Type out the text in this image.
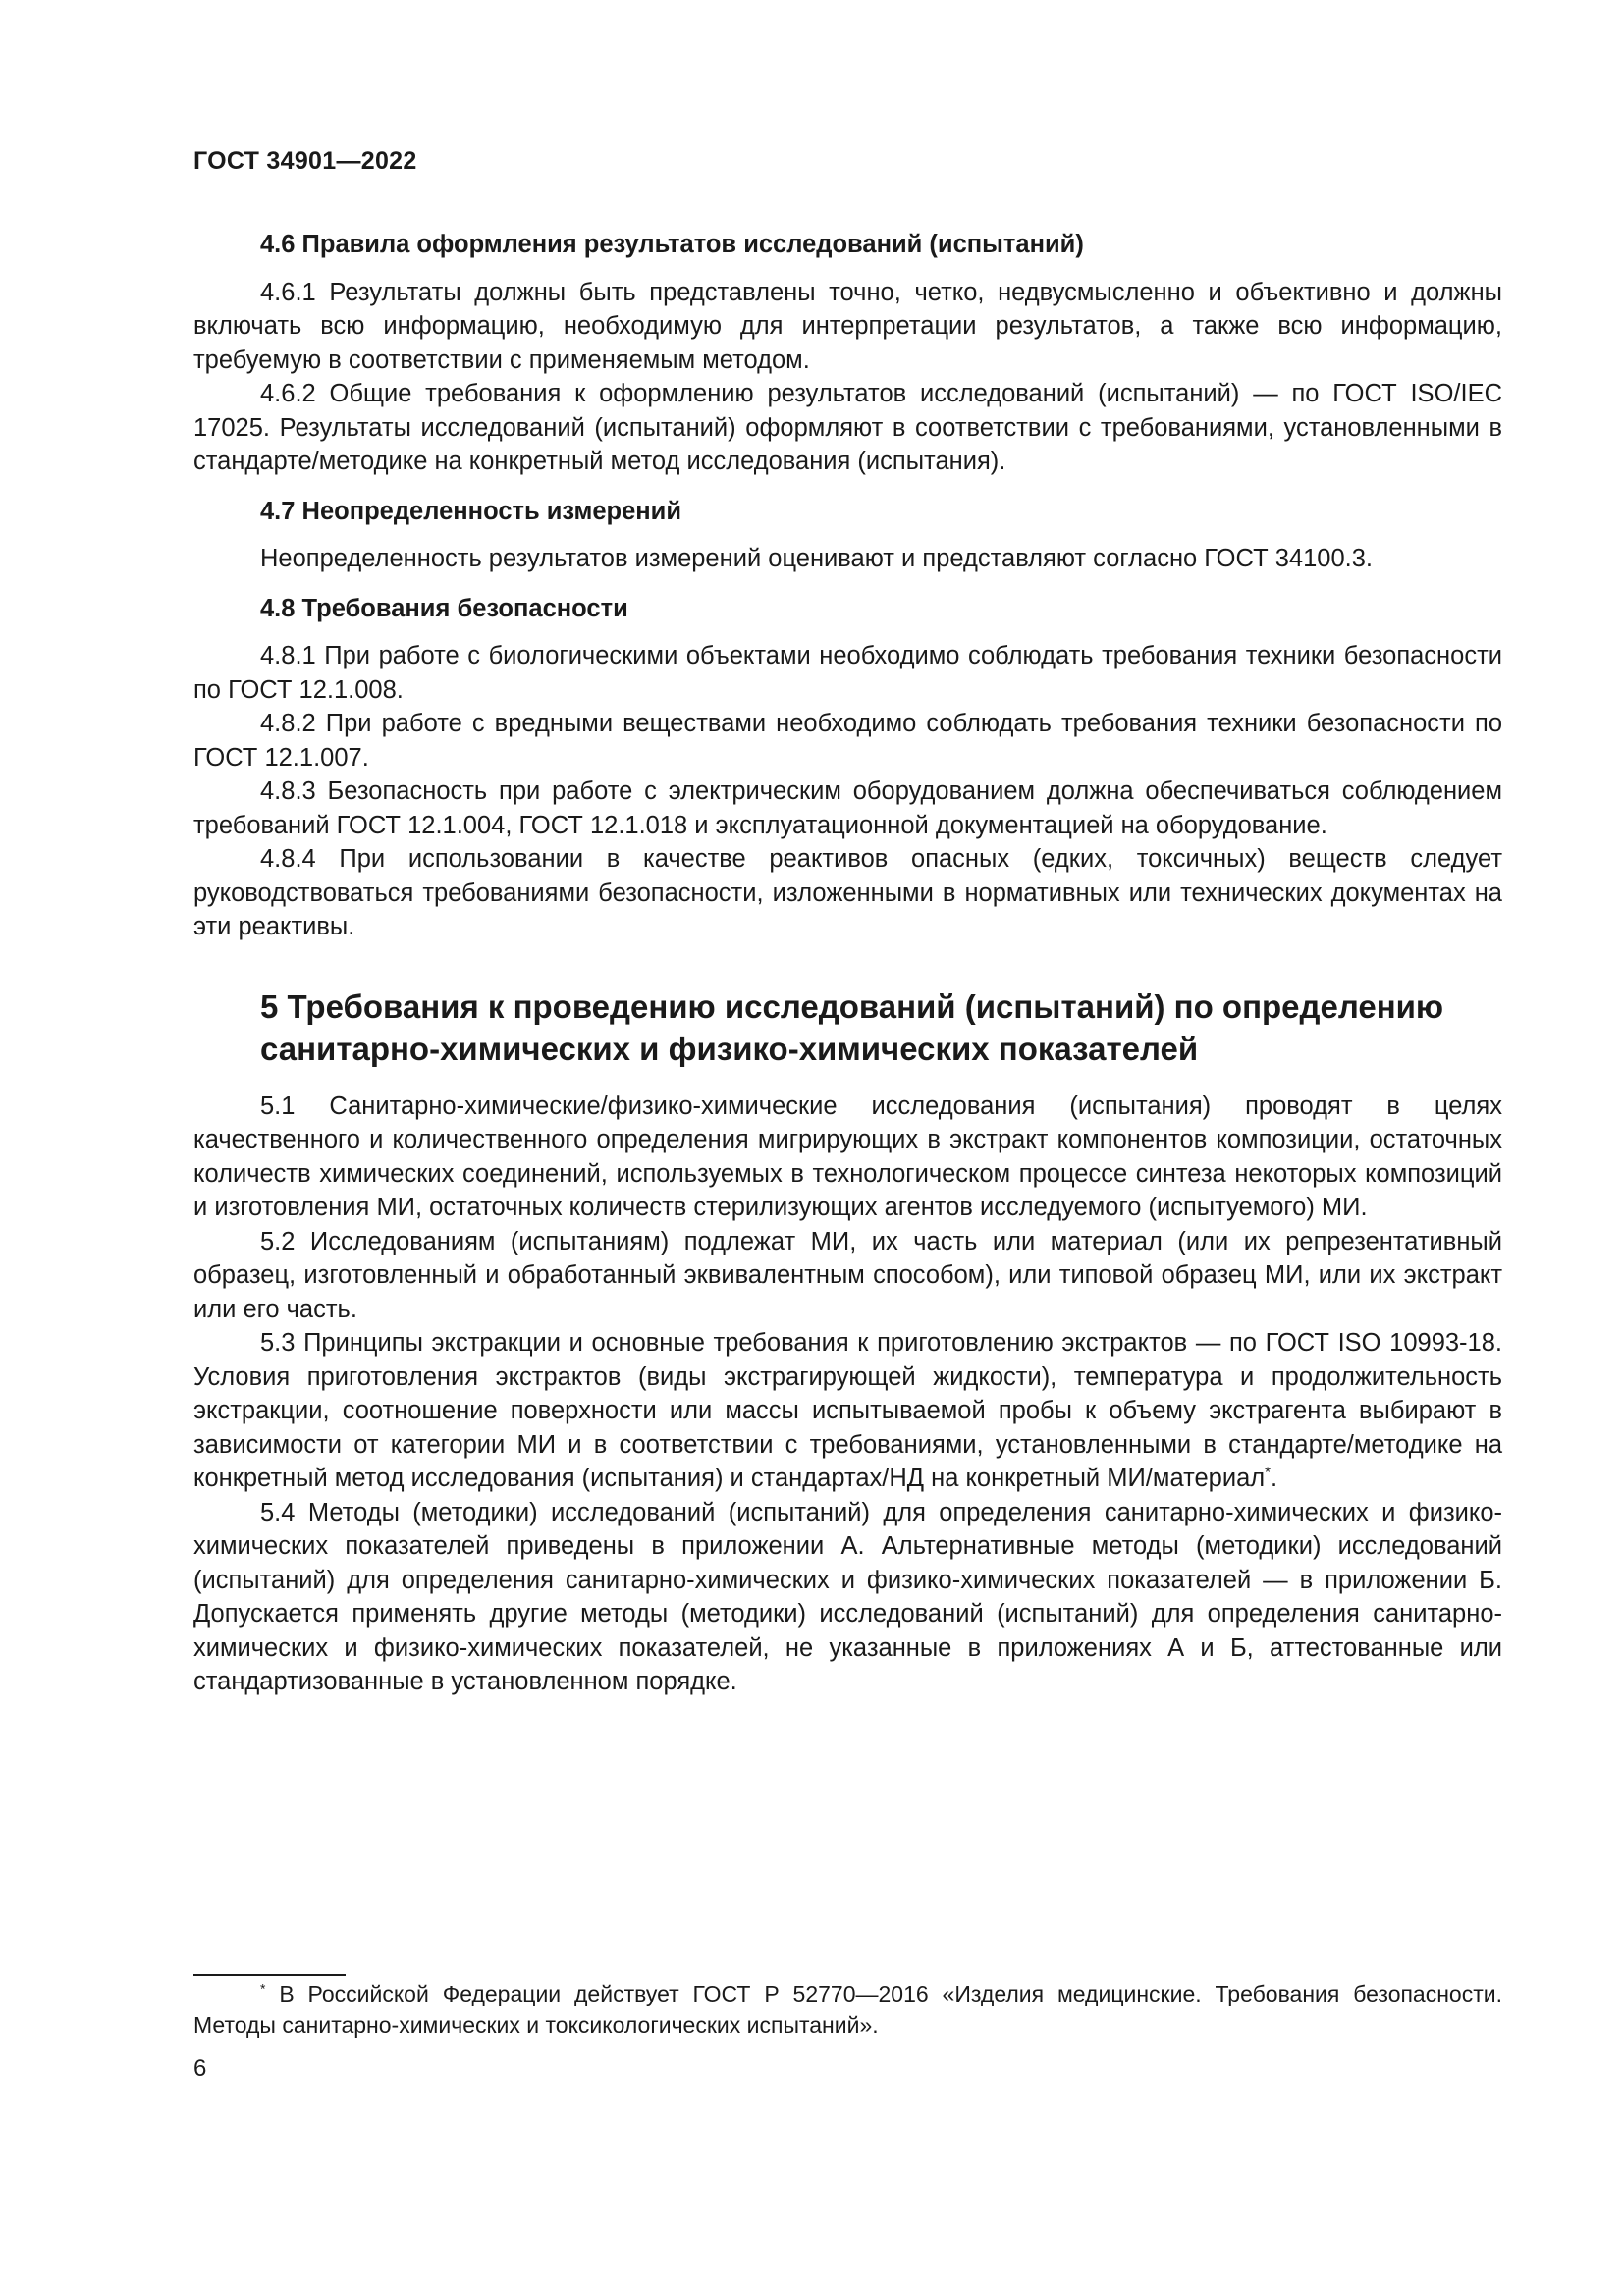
ГОСТ 34901—2022

4.6 Правила оформления результатов исследований (испытаний)

4.6.1 Результаты должны быть представлены точно, четко, недвусмысленно и объективно и должны включать всю информацию, необходимую для интерпретации результатов, а также всю информацию, требуемую в соответствии с применяемым методом.

4.6.2 Общие требования к оформлению результатов исследований (испытаний) — по ГОСТ ISO/IEC 17025. Результаты исследований (испытаний) оформляют в соответствии с требованиями, установленными в стандарте/методике на конкретный метод исследования (испытания).

4.7 Неопределенность измерений

Неопределенность результатов измерений оценивают и представляют согласно ГОСТ 34100.3.

4.8 Требования безопасности

4.8.1 При работе с биологическими объектами необходимо соблюдать требования техники безопасности по ГОСТ 12.1.008.

4.8.2 При работе с вредными веществами необходимо соблюдать требования техники безопасности по ГОСТ 12.1.007.

4.8.3 Безопасность при работе с электрическим оборудованием должна обеспечиваться соблюдением требований ГОСТ 12.1.004, ГОСТ 12.1.018 и эксплуатационной документацией на оборудование.

4.8.4 При использовании в качестве реактивов опасных (едких, токсичных) веществ следует руководствоваться требованиями безопасности, изложенными в нормативных или технических документах на эти реактивы.

5 Требования к проведению исследований (испытаний) по определению
санитарно-химических и физико-химических показателей

5.1 Санитарно-химические/физико-химические исследования (испытания) проводят в целях качественного и количественного определения мигрирующих в экстракт компонентов композиции, остаточных количеств химических соединений, используемых в технологическом процессе синтеза некоторых композиций и изготовления МИ, остаточных количеств стерилизующих агентов исследуемого (испытуемого) МИ.

5.2 Исследованиям (испытаниям) подлежат МИ, их часть или материал (или их репрезентативный образец, изготовленный и обработанный эквивалентным способом), или типовой образец МИ, или их экстракт или его часть.

5.3 Принципы экстракции и основные требования к приготовлению экстрактов — по ГОСТ ISO 10993-18. Условия приготовления экстрактов (виды экстрагирующей жидкости), температура и продолжительность экстракции, соотношение поверхности или массы испытываемой пробы к объему экстрагента выбирают в зависимости от категории МИ и в соответствии с требованиями, установленными в стандарте/методике на конкретный метод исследования (испытания) и стандартах/НД на конкретный МИ/материал*.

5.4 Методы (методики) исследований (испытаний) для определения санитарно-химических и физико-химических показателей приведены в приложении А. Альтернативные методы (методики) исследований (испытаний) для определения санитарно-химических и физико-химических показателей — в приложении Б. Допускается применять другие методы (методики) исследований (испытаний) для определения санитарно-химических и физико-химических показателей, не указанные в приложениях А и Б, аттестованные или стандартизованные в установленном порядке.

* В Российской Федерации действует ГОСТ Р 52770—2016 «Изделия медицинские. Требования безопасности. Методы санитарно-химических и токсикологических испытаний».
6
